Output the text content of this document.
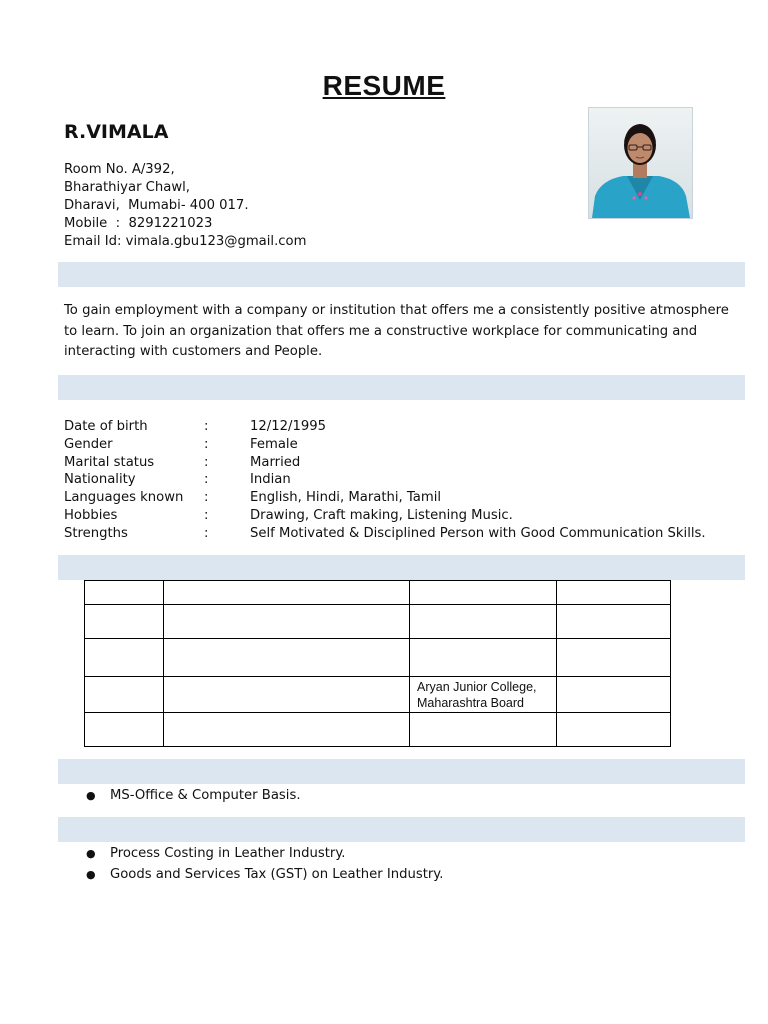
RESUME
R.VIMALA
Room No. A/392,
Bharathiyar Chawl,
Dharavi,  Mumabi- 400 017.
Mobile  :  8291221023
Email Id: vimala.gbu123@gmail.com
To gain employment with a company or institution that offers me a consistently positive atmosphere to learn. To join an organization that offers me a constructive workplace for communicating and interacting with customers and People.
Date of birth	:	12/12/1995
Gender	:	Female
Marital status	:	Married
Nationality	:	Indian
Languages known	:	English, Hindi, Marathi, Tamil
Hobbies	:	Drawing, Craft making, Listening Music.
Strengths	:	Self Motivated & Disciplined Person with Good Communication Skills.

		Aryan Junior College,
Maharashtra Board	

●	MS-Office & Computer Basis.
●	Process Costing in Leather Industry.
●	Goods and Services Tax (GST) on Leather Industry.
